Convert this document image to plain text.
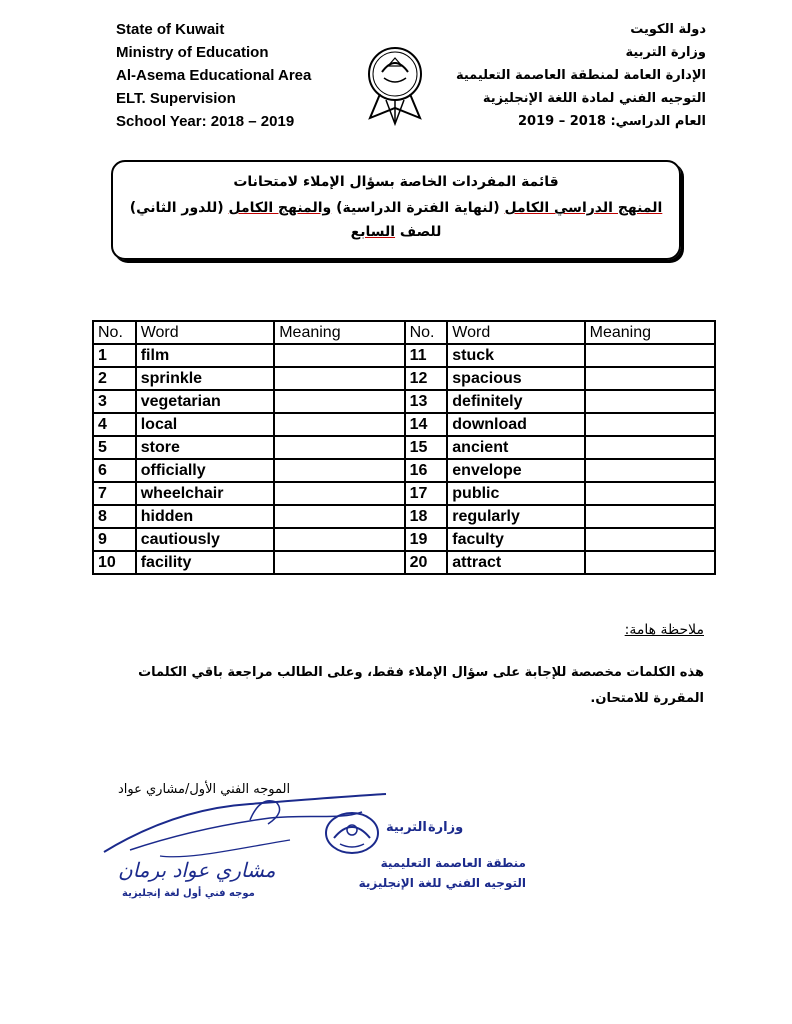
State of Kuwait
Ministry of Education
Al-Asema Educational Area
ELT. Supervision
School Year: 2018 – 2019
دولة الكويت
وزارة التربية
الإدارة العامة لمنطقة العاصمة التعليمية
التوجيه الفني لمادة اللغة الإنجليزية
العام الدراسي: 2018 – 2019
قائمة المفردات الخاصة بسؤال الإملاء لامتحانات
المنهج الدراسي الكامل (لنهاية الفترة الدراسية) والمنهج الكامل (للدور الثاني)
للصف السابع
No.	Word	Meaning	No.	Word	Meaning
1	film		11	stuck	
2	sprinkle		12	spacious	
3	vegetarian		13	definitely	
4	local		14	download	
5	store		15	ancient	
6	officially		16	envelope	
7	wheelchair		17	public	
8	hidden		18	regularly	
9	cautiously		19	faculty	
10	facility		20	attract	
ملاحظة هامة:
هذه الكلمات مخصصة للإجابة على سؤال الإملاء فقط، وعلى الطالب مراجعة باقي الكلمات
المقررة للامتحان.
الموجه الفني الأول/مشاري عواد
مشاري عواد برمان
موجه فني أول لغة إنجليزية
التربية وزارة
منطقة العاصمة التعليمية
التوجيه الفني للغة الإنجليزية
